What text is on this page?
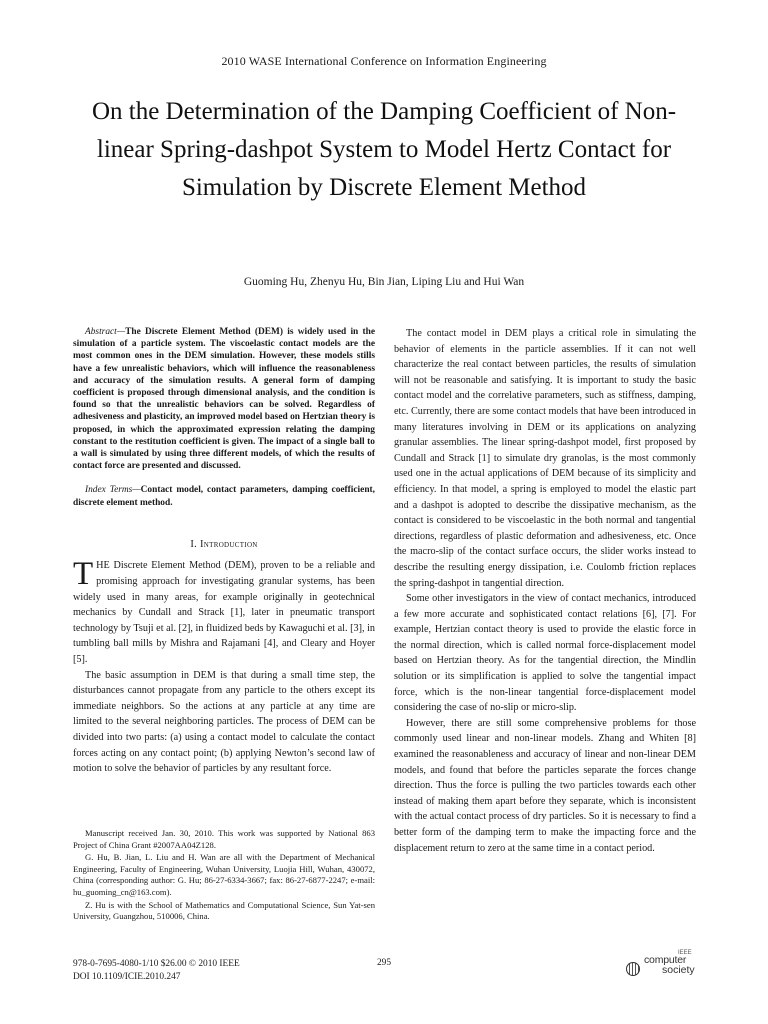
2010 WASE International Conference on Information Engineering
On the Determination of the Damping Coefficient of Non-linear Spring-dashpot System to Model Hertz Contact for Simulation by Discrete Element Method
Guoming Hu, Zhenyu Hu, Bin Jian, Liping Liu and Hui Wan

Abstract—The Discrete Element Method (DEM) is widely used in the simulation of a particle system. The viscoelastic contact models are the most common ones in the DEM simulation. However, these models stills have a few unrealistic behaviors, which will influence the reasonableness and accuracy of the simulation results. A general form of damping coefficient is proposed through dimensional analysis, and the condition is found so that the unrealistic behaviors can be solved. Regardless of adhesiveness and plasticity, an improved model based on Hertzian theory is proposed, in which the approximated expression relating the damping constant to the restitution coefficient is given. The impact of a single ball to a wall is simulated by using three different models, of which the results of contact force are presented and discussed.

Index Terms—Contact model, contact parameters, damping coefficient, discrete element method.

I. Introduction

THE Discrete Element Method (DEM), proven to be a reliable and promising approach for investigating granular systems, has been widely used in many areas, for example originally in geotechnical mechanics by Cundall and Strack [1], later in pneumatic transport technology by Tsuji et al. [2], in fluidized beds by Kawaguchi et al. [3], in tumbling ball mills by Mishra and Rajamani [4], and Cleary and Hoyer [5].

The basic assumption in DEM is that during a small time step, the disturbances cannot propagate from any particle to the others except its immediate neighbors. So the actions at any particle at any time are limited to the several neighboring particles. The process of DEM can be divided into two parts: (a) using a contact model to calculate the contact forces acting on any contact point; (b) applying Newton’s second law of motion to solve the behavior of particles by any resultant force.

The contact model in DEM plays a critical role in simulating the behavior of elements in the particle assemblies. If it can not well characterize the real contact between particles, the results of simulation will not be reasonable and satisfying. It is important to study the basic contact model and the correlative parameters, such as stiffness, damping, etc. Currently, there are some contact models that have been introduced in many literatures involving in DEM or its applications on analyzing granular assemblies. The linear spring-dashpot model, first proposed by Cundall and Strack [1] to simulate dry granolas, is the most commonly used one in the actual applications of DEM because of its simplicity and efficiency. In that model, a spring is employed to model the elastic part and a dashpot is adopted to describe the dissipative mechanism, as the contact is considered to be viscoelastic in the both normal and tangential directions, regardless of plastic deformation and adhesiveness, etc. Once the macro-slip of the contact surface occurs, the slider works instead to describe the resulting energy dissipation, i.e. Coulomb friction replaces the spring-dashpot in tangential direction.

Some other investigators in the view of contact mechanics, introduced a few more accurate and sophisticated contact relations [6], [7]. For example, Hertzian contact theory is used to provide the elastic force in the normal direction, which is called normal force-displacement model based on Hertzian theory. As for the tangential direction, the Mindlin solution or its simplification is applied to solve the tangential impact force, which is the non-linear tangential force-displacement model considering the case of no-slip or micro-slip.

However, there are still some comprehensive problems for those commonly used linear and non-linear models. Zhang and Whiten [8] examined the reasonableness and accuracy of linear and non-linear DEM models, and found that before the particles separate the forces change direction. Thus the force is pulling the two particles towards each other instead of making them apart before they separate, which is inconsistent with the actual contact process of dry particles. So it is necessary to find a better form of the damping term to make the impacting force and the displacement return to zero at the same time in a contact period.

Manuscript received Jan. 30, 2010. This work was supported by National 863 Project of China Grant #2007AA04Z128.

G. Hu, B. Jian, L. Liu and H. Wan are all with the Department of Mechanical Engineering, Faculty of Engineering, Wuhan University, Luojia Hill, Wuhan, 430072, China (corresponding author: G. Hu; 86-27-6334-3667; fax: 86-27-6877-2247; e-mail: hu_guoming_cn@163.com).

Z. Hu is with the School of Mathematics and Computational Science, Sun Yat-sen University, Guangzhou, 510006, China.

978-0-7695-4080-1/10 $26.00 © 2010 IEEE
DOI 10.1109/ICIE.2010.247
295
IEEE
computer
society
